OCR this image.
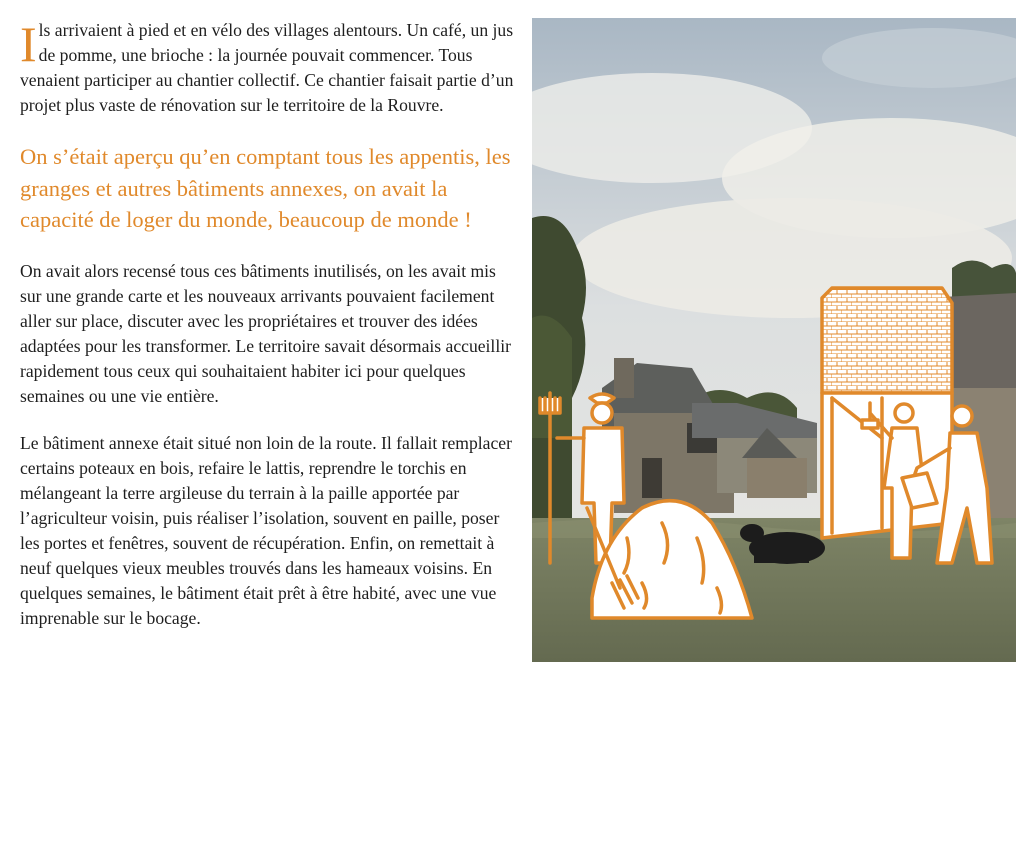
I ls arrivaient à pied et en vélo des villages alentours. Un café, un jus de pomme, une brioche : la journée pouvait commencer. Tous venaient participer au chantier collectif. Ce chantier faisait partie d’un projet plus vaste de rénovation sur le territoire de la Rouvre.
On s’était aperçu qu’en comptant tous les appentis, les granges et autres bâtiments annexes, on avait la capacité de loger du monde, beaucoup de monde !
On avait alors recensé tous ces bâtiments inutilisés, on les avait mis sur une grande carte et les nouveaux arrivants pouvaient facilement aller sur place, discuter avec les propriétaires et trouver des idées adaptées pour les transformer. Le territoire savait désormais accueillir rapidement tous ceux qui souhaitaient habiter ici pour quelques semaines ou une vie entière.
Le bâtiment annexe était situé non loin de la route. Il fallait remplacer certains poteaux en bois, refaire le lattis, reprendre le torchis en mélangeant la terre argileuse du terrain à la paille apportée par l’agriculteur voisin, puis réaliser l’isolation, souvent en paille, poser les portes et fenêtres, souvent de récupération. Enfin, on remettait à neuf quelques vieux meubles trouvés dans les hameaux voisins. En quelques semaines, le bâtiment était prêt à être habité, avec une vue imprenable sur le bocage.
